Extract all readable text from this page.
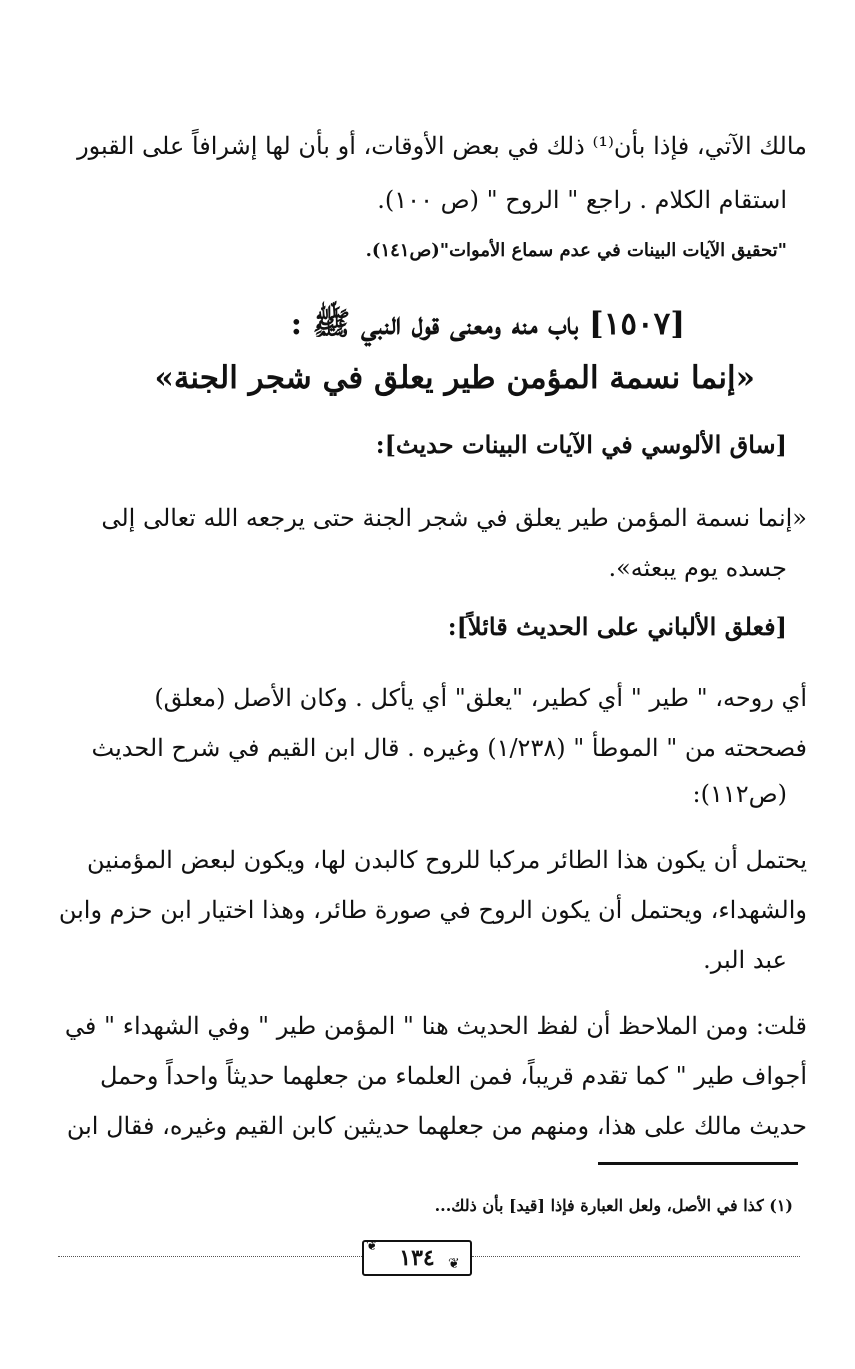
مالك الآتي، فإذا بأن⁽¹⁾ ذلك في بعض الأوقات، أو بأن لها إشرافاً على القبور
استقام الكلام . راجع " الروح " (ص ١٠٠).
"تحقيق الآيات البينات في عدم سماع الأموات"(ص١٤١).
[١٥٠٧] باب منه ومعنى قول النبي ﷺ :
«إنما نسمة المؤمن طير يعلق في شجر الجنة»
[ساق الألوسي في الآيات البينات حديث]:
«إنما نسمة المؤمن طير يعلق في شجر الجنة حتى يرجعه الله تعالى إلى
جسده يوم يبعثه».
[فعلق الألباني على الحديث قائلاً]:
أي روحه، " طير " أي كطير، "يعلق" أي يأكل . وكان الأصل (معلق)
فصححته من " الموطأ " (١/٢٣٨) وغيره . قال ابن القيم في شرح الحديث
(ص١١٢):
يحتمل أن يكون هذا الطائر مركبا للروح كالبدن لها، ويكون لبعض المؤمنين
والشهداء، ويحتمل أن يكون الروح في صورة طائر، وهذا اختيار ابن حزم وابن
عبد البر.
قلت: ومن الملاحظ أن لفظ الحديث هنا " المؤمن طير " وفي الشهداء " في
أجواف طير " كما تقدم قريباً، فمن العلماء من جعلهما حديثاً واحداً وحمل
حديث مالك على هذا، ومنهم من جعلهما حديثين كابن القيم وغيره، فقال ابن
(١) كذا في الأصل، ولعل العبارة فإذا [قيد] بأن ذلك...
١٣٤
❦
❦
